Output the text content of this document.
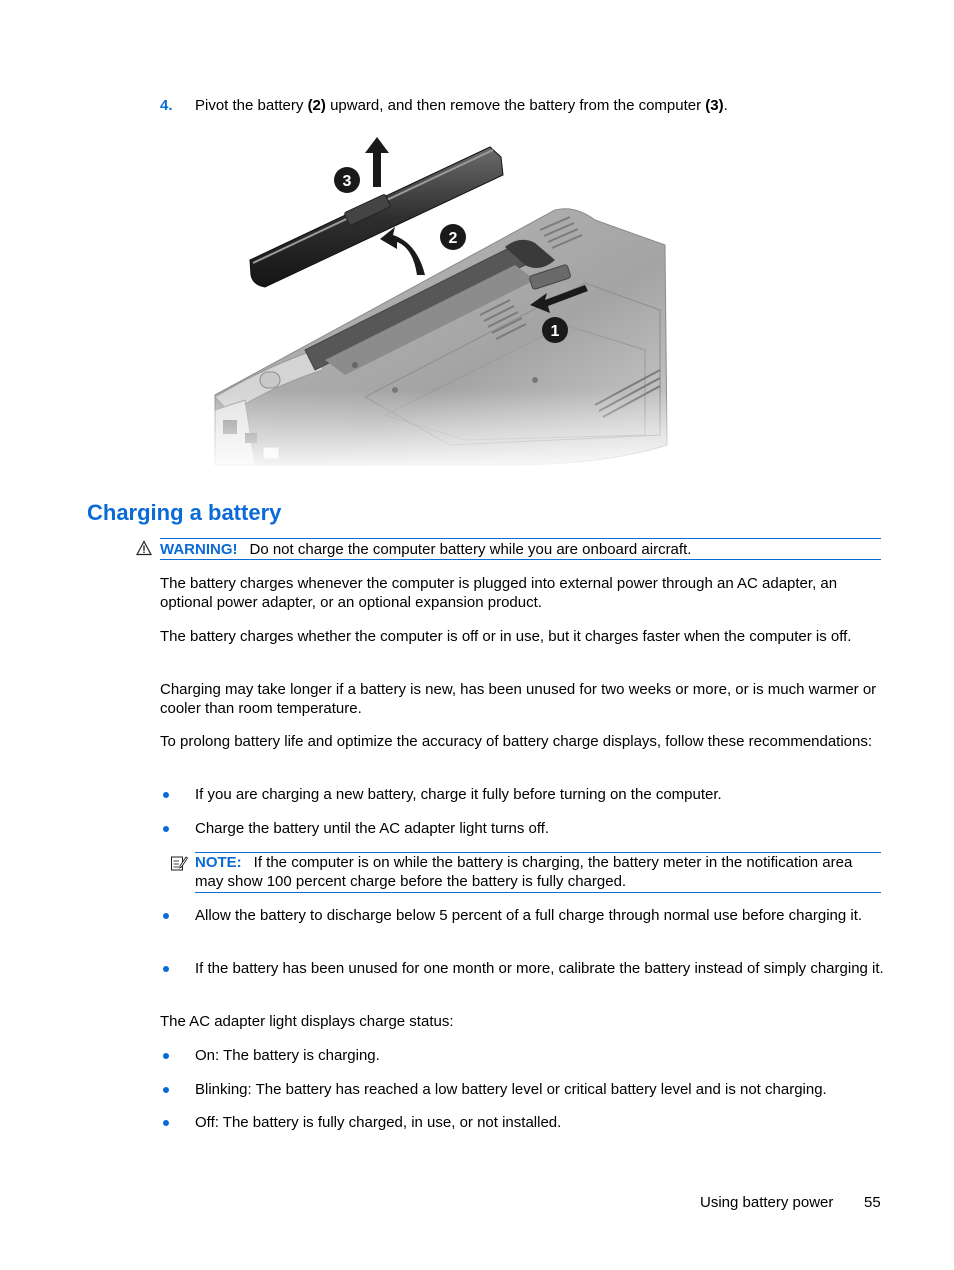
4. Pivot the battery (2) upward, and then remove the battery from the computer (3).
1
2
3
Charging a battery
WARNING! Do not charge the computer battery while you are onboard aircraft.
The battery charges whenever the computer is plugged into external power through an AC adapter, an optional power adapter, or an optional expansion product.
The battery charges whether the computer is off or in use, but it charges faster when the computer is off.
Charging may take longer if a battery is new, has been unused for two weeks or more, or is much warmer or cooler than room temperature.
To prolong battery life and optimize the accuracy of battery charge displays, follow these recommendations:
If you are charging a new battery, charge it fully before turning on the computer.
Charge the battery until the AC adapter light turns off.
NOTE: If the computer is on while the battery is charging, the battery meter in the notification area may show 100 percent charge before the battery is fully charged.
Allow the battery to discharge below 5 percent of a full charge through normal use before charging it.
If the battery has been unused for one month or more, calibrate the battery instead of simply charging it.
The AC adapter light displays charge status:
On: The battery is charging.
Blinking: The battery has reached a low battery level or critical battery level and is not charging.
Off: The battery is fully charged, in use, or not installed.
Using battery power 55
